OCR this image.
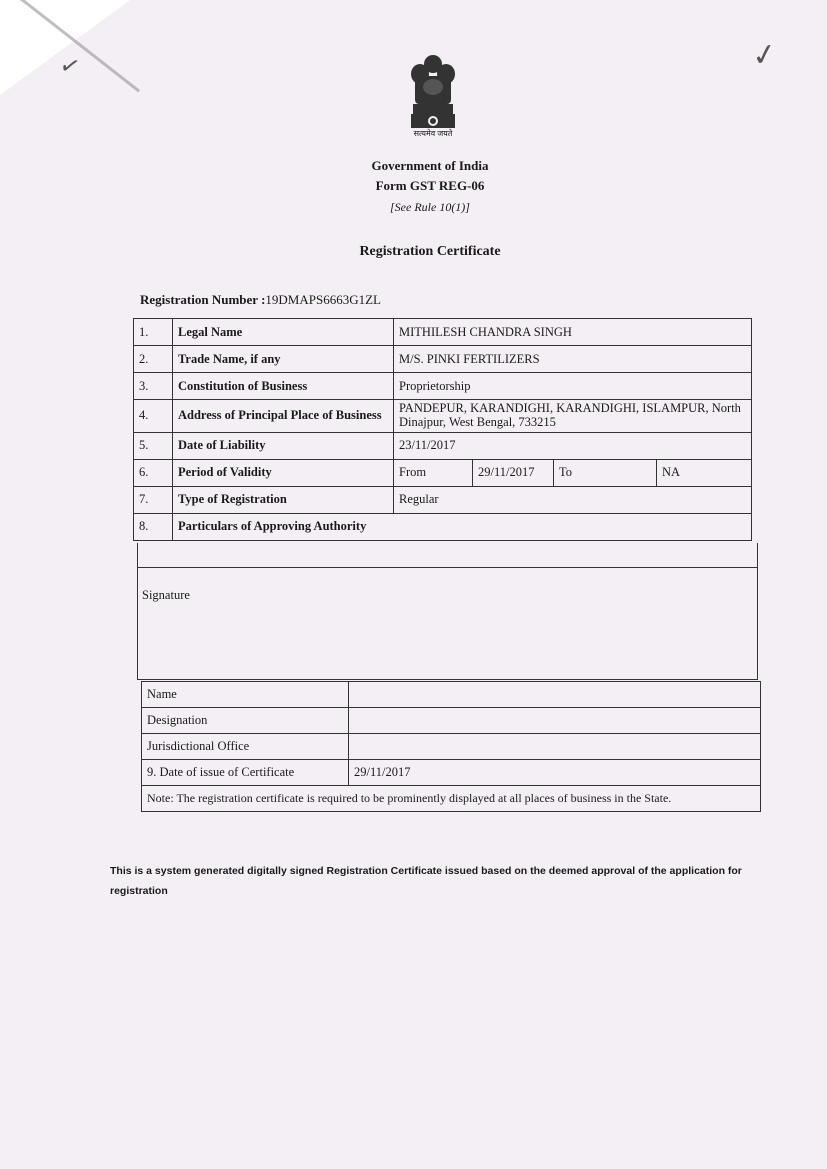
✓
✓
सत्यमेव जयते
Government of India
Form GST REG-06
[See Rule 10(1)]
Registration Certificate
Registration Number :19DMAPS6663G1ZL
1.	Legal Name	MITHILESH CHANDRA SINGH			
2.	Trade Name, if any	M/S. PINKI FERTILIZERS			
3.	Constitution of Business	Proprietorship			
4.	Address of Principal Place of Business	PANDEPUR, KARANDIGHI, KARANDIGHI, ISLAMPUR, North Dinajpur, West Bengal, 733215			
5.	Date of Liability	23/11/2017			
6.	Period of Validity	From	29/11/2017	To	NA
7.	Type of Registration	Regular			
8.	Particulars of Approving Authority				
Signature
Name	
Designation	
Jurisdictional Office	
9. Date of issue of Certificate	29/11/2017
Note: The registration certificate is required to be prominently displayed at all places of business in the State.	
This is a system generated digitally signed Registration Certificate issued based on the deemed approval of the application for registration
